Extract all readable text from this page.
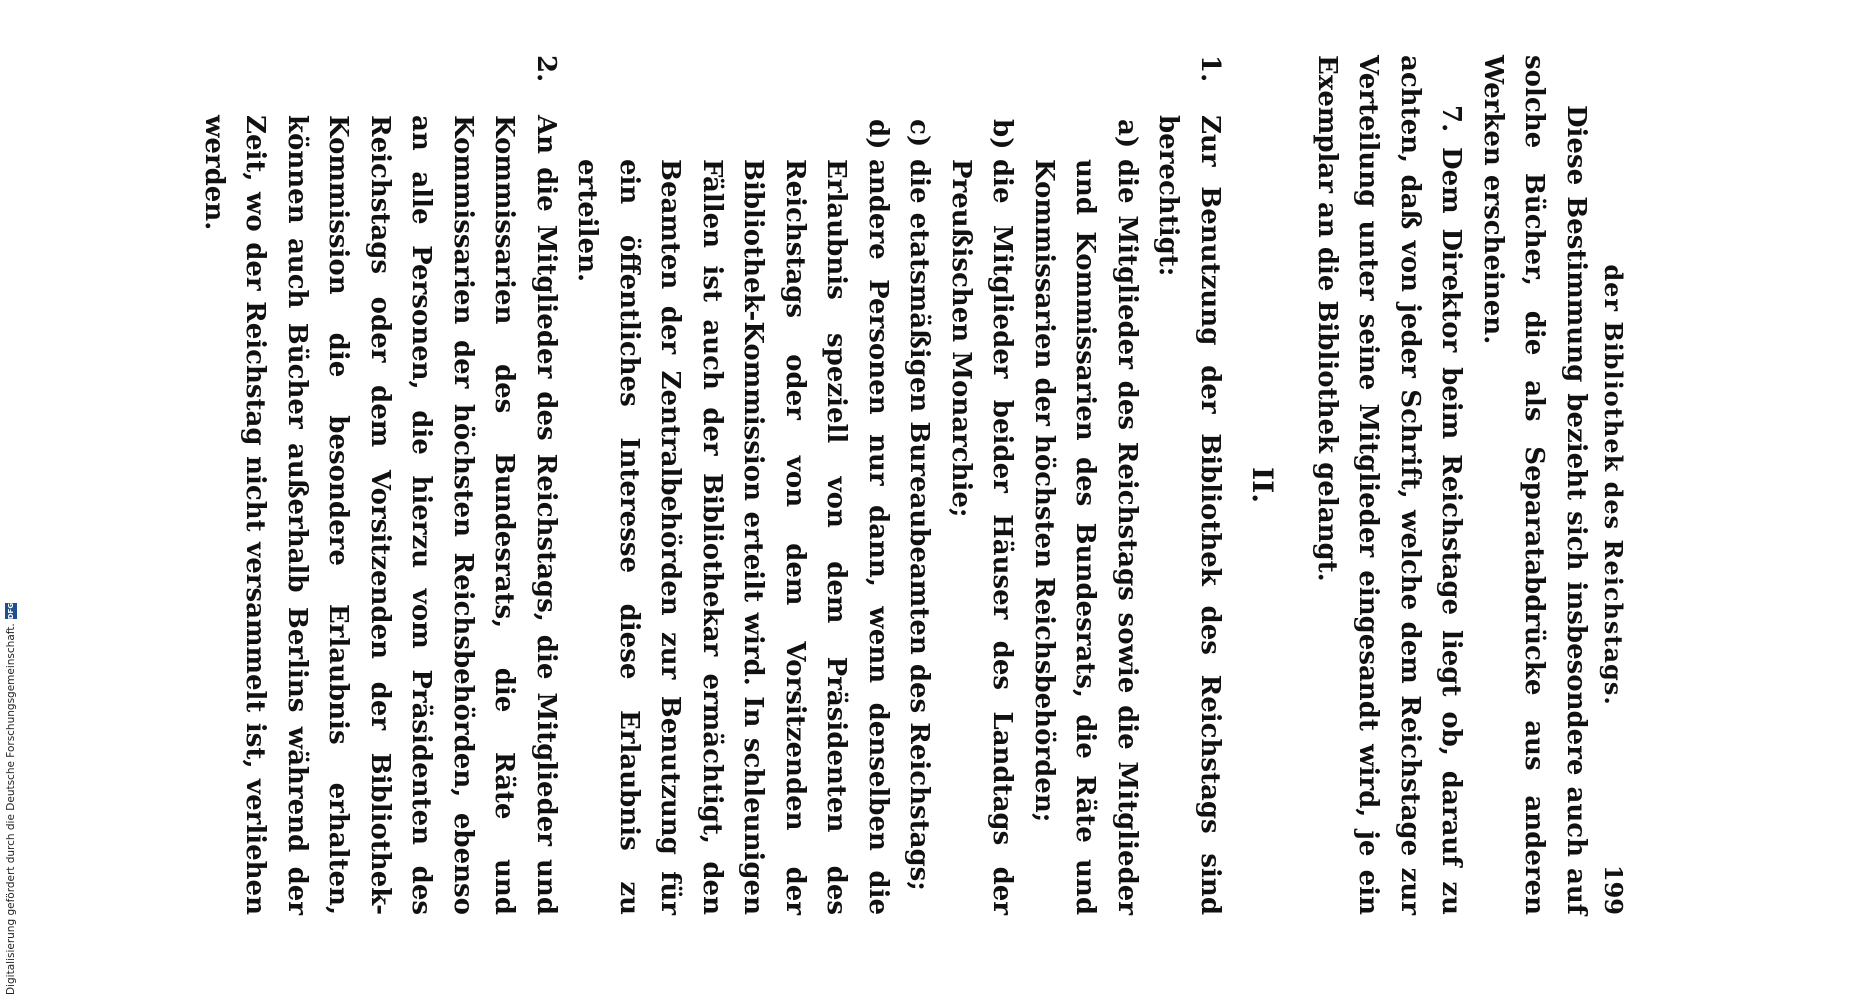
der Bibliothek des Reichstags.
199

Diese Bestimmung bezieht sich insbesondere auch auf solche Bücher, die als Separatabdrücke aus anderen Werken erscheinen.

7. Dem Direktor beim Reichstage liegt ob, darauf zu achten, daß von jeder Schrift, welche dem Reichstage zur Verteilung unter seine Mitglieder eingesandt wird, je ein Exemplar an die Bibliothek gelangt.

II.

1.
Zur Benutzung der Bibliothek des Reichstags sind berechtigt:

a)
die Mitglieder des Reichstags sowie die Mitglieder und Kommissarien des Bundesrats, die Räte und Kommissarien der höchsten Reichsbehörden;

b)
die Mitglieder beider Häuser des Landtags der Preußischen Monarchie;

c)
die etatsmäßigen Bureaubeamten des Reichstags;

d)
andere Personen nur dann, wenn denselben die Erlaubnis speziell von dem Präsidenten des Reichstags oder von dem Vorsitzenden der Bibliothek-Kommission erteilt wird. In schleunigen Fällen ist auch der Bibliothekar ermächtigt, den Beamten der Zentralbehörden zur Benutzung für ein öffentliches Interesse diese Erlaubnis zu erteilen.

2.
An die Mitglieder des Reichstags, die Mitglieder und Kommissarien des Bundesrats, die Räte und Kommissarien der höchsten Reichsbehörden, ebenso an alle Personen, die hierzu vom Präsidenten des Reichstags oder dem Vorsitzenden der Bibliothek-Kommission die besondere Erlaubnis erhalten, können auch Bücher außerhalb Berlins während der Zeit, wo der Reichstag nicht versammelt ist, verliehen werden.

Digitalisierung gefördert durch die Deutsche Forschungsgemeinschaft.
DFG
